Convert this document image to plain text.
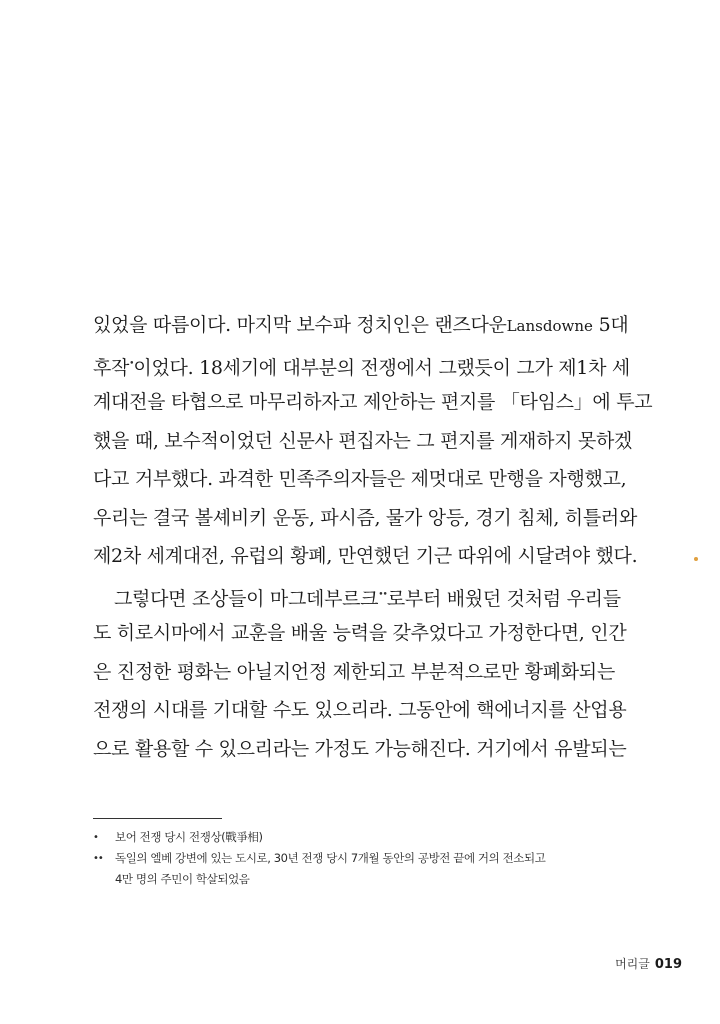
있었을 따름이다. 마지막 보수파 정치인은 랜즈다운Lansdowne 5대
후작•이었다. 18세기에 대부분의 전쟁에서 그랬듯이 그가 제1차 세
계대전을 타협으로 마무리하자고 제안하는 편지를 「타임스」에 투고
했을 때, 보수적이었던 신문사 편집자는 그 편지를 게재하지 못하겠
다고 거부했다. 과격한 민족주의자들은 제멋대로 만행을 자행했고,
우리는 결국 볼셰비키 운동, 파시즘, 물가 앙등, 경기 침체, 히틀러와
제2차 세계대전, 유럽의 황폐, 만연했던 기근 따위에 시달려야 했다.
그렇다면 조상들이 마그데부르크••로부터 배웠던 것처럼 우리들
도 히로시마에서 교훈을 배울 능력을 갖추었다고 가정한다면, 인간
은 진정한 평화는 아닐지언정 제한되고 부분적으로만 황폐화되는
전쟁의 시대를 기대할 수도 있으리라. 그동안에 핵에너지를 산업용
으로 활용할 수 있으리라는 가정도 가능해진다. 거기에서 유발되는
•	보어 전쟁 당시 전쟁상(戰爭相)
••	독일의 엘베 강변에 있는 도시로, 30년 전쟁 당시 7개월 동안의 공방전 끝에 거의 전소되고
4만 명의 주민이 학살되었음
머리글 019
